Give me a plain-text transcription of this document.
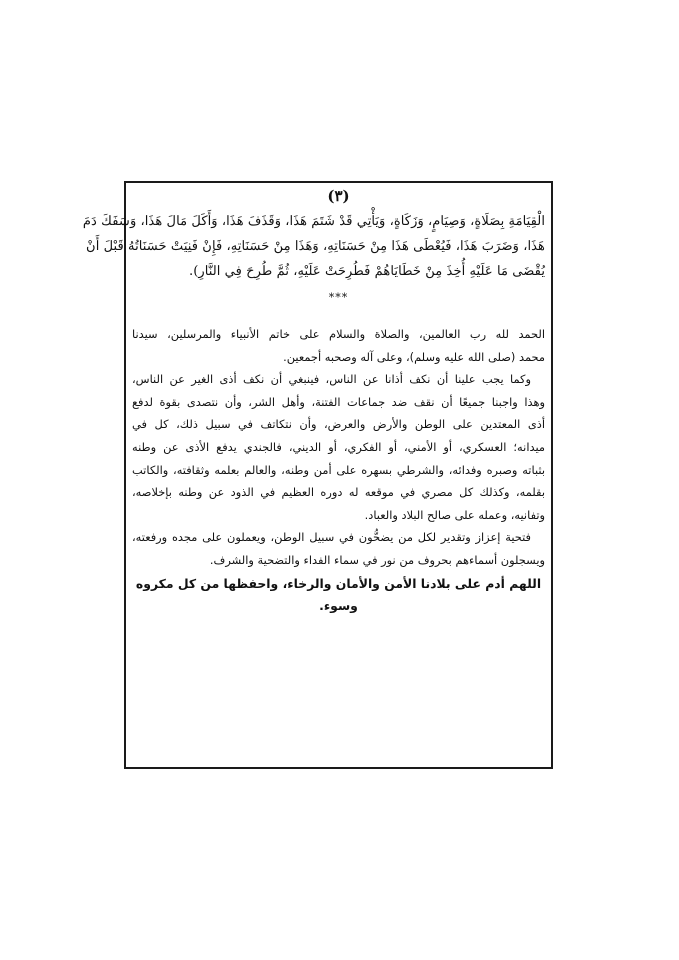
(٣)
الْقِيَامَةِ بِصَلَاةٍ، وَصِيَامٍ، وَزَكَاةٍ، وَيَأْتِي قَدْ شَتَمَ هَذَا، وَقَذَفَ هَذَا، وَأَكَلَ مَالَ هَذَا، وَسَفَكَ دَمَ
هَذَا، وَضَرَبَ هَذَا، فَيُعْطَى هَذَا مِنْ حَسَنَاتِهِ، وَهَذَا مِنْ حَسَنَاتِهِ، فَإِنْ فَنِيَتْ حَسَنَاتُهُ قَبْلَ أَنْ
يُقْضَى مَا عَلَيْهِ أُخِذَ مِنْ خَطَايَاهُمْ فَطُرِحَتْ عَلَيْهِ، ثُمَّ طُرِحَ فِي النَّارِ).
***

الحمد لله رب العالمين، والصلاة والسلام على خاتم الأنبياء والمرسلين، سيدنا
محمد (صلى الله عليه وسلم)، وعلى آله وصحبه أجمعين.

وكما يجب علينا أن نكف أذانا عن الناس، فينبغي أن نكف أذى الغير عن الناس،
وهذا واجبنا جميعًا أن نقف ضد جماعات الفتنة، وأهل الشر، وأن نتصدى بقوة لدفع
أذى المعتدين على الوطن والأرض والعرض، وأن نتكاتف في سبيل ذلك، كل في
ميدانه؛ العسكري، أو الأمني، أو الفكري، أو الديني، فالجندي يدفع الأذى عن وطنه
بثباته وصبره وفدائه، والشرطي بسهره على أمن وطنه، والعالم بعلمه وثقافته، والكاتب
بقلمه، وكذلك كل مصري في موقعه له دوره العظيم في الذود عن وطنه بإخلاصه،
وتفانيه، وعمله على صالح البلاد والعباد.

فتحية إعزاز وتقدير لكل من يضحُّون في سبيل الوطن، ويعملون على مجده ورفعته،
ويسجلون أسماءهم بحروف من نور في سماء الفداء والتضحية والشرف.

اللهم أدم على بلادنا الأمن والأمان والرخاء، واحفظها من كل مكروه وسوء.
